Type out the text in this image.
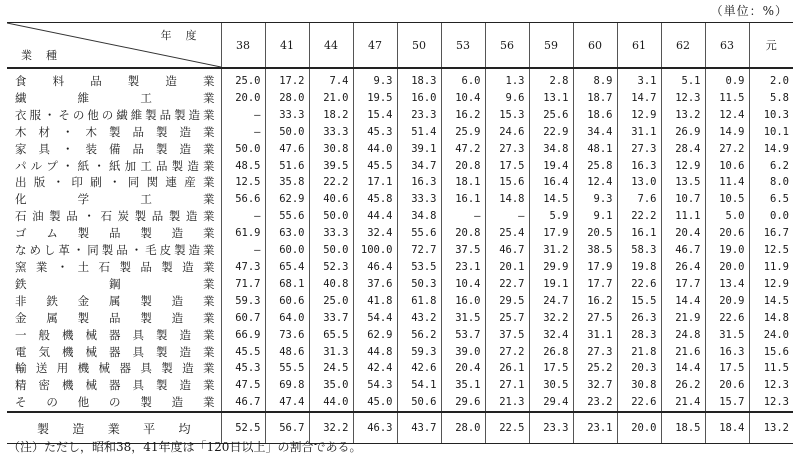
（単位：%）
年度
業種	38	41	44	47	50	53	56	59	60	61	62	63	元
食料品製造業	25.0	17.2	7.4	9.3	18.3	6.0	1.3	2.8	8.9	3.1	5.1	0.9	2.0
繊維工業	20.0	28.0	21.0	19.5	16.0	10.4	9.6	13.1	18.7	14.7	12.3	11.5	5.8
衣服・その他の繊維製品製造業	—	33.3	18.2	15.4	23.3	16.2	15.3	25.6	18.6	12.9	13.2	12.4	10.3
木材・木製品製造業	—	50.0	33.3	45.3	51.4	25.9	24.6	22.9	34.4	31.1	26.9	14.9	10.1
家具・装備品製造業	50.0	47.6	30.8	44.0	39.1	47.2	27.3	34.8	48.1	27.3	28.4	27.2	14.9
パルプ・紙・紙加工品製造業	48.5	51.6	39.5	45.5	34.7	20.8	17.5	19.4	25.8	16.3	12.9	10.6	6.2
出版・印刷・同関連産業	12.5	35.8	22.2	17.1	16.3	18.1	15.6	16.4	12.4	13.0	13.5	11.4	8.0
化学工業	56.6	62.9	40.6	45.8	33.3	16.1	14.8	14.5	9.3	7.6	10.7	10.5	6.5
石油製品・石炭製品製造業	—	55.6	50.0	44.4	34.8	—	—	5.9	9.1	22.2	11.1	5.0	0.0
ゴム製品製造業	61.9	63.0	33.3	32.4	55.6	20.8	25.4	17.9	20.5	16.1	20.4	20.6	16.7
なめし革・同製品・毛皮製造業	—	60.0	50.0	100.0	72.7	37.5	46.7	31.2	38.5	58.3	46.7	19.0	12.5
窯業・土石製品製造業	47.3	65.4	52.3	46.4	53.5	23.1	20.1	29.9	17.9	19.8	26.4	20.0	11.9
鉄鋼業	71.7	68.1	40.8	37.6	50.3	10.4	22.7	19.1	17.7	22.6	17.7	13.4	12.9
非鉄金属製造業	59.3	60.6	25.0	41.8	61.8	16.0	29.5	24.7	16.2	15.5	14.4	20.9	14.5
金属製品製造業	60.7	64.0	33.7	54.4	43.2	31.5	25.7	32.2	27.5	26.3	21.9	22.6	14.8
一般機械器具製造業	66.9	73.6	65.5	62.9	56.2	53.7	37.5	32.4	31.1	28.3	24.8	31.5	24.0
電気機械器具製造業	45.5	48.6	31.3	44.8	59.3	39.0	27.2	26.8	27.3	21.8	21.6	16.3	15.6
輸送用機械器具製造業	45.3	55.5	24.5	42.4	42.6	20.4	26.1	17.5	25.2	20.3	14.4	17.5	11.5
精密機械器具製造業	47.5	69.8	35.0	54.3	54.1	35.1	27.1	30.5	32.7	30.8	26.2	20.6	12.3
その他の製造業	46.7	47.4	44.0	45.0	50.6	29.6	21.3	29.4	23.2	22.6	21.4	15.7	12.3
製造業平均	52.5	56.7	32.2	46.3	43.7	28.0	22.5	23.3	23.1	20.0	18.5	18.4	13.2
（注）ただし，昭和38，41年度は「120日以上」の割合である。
